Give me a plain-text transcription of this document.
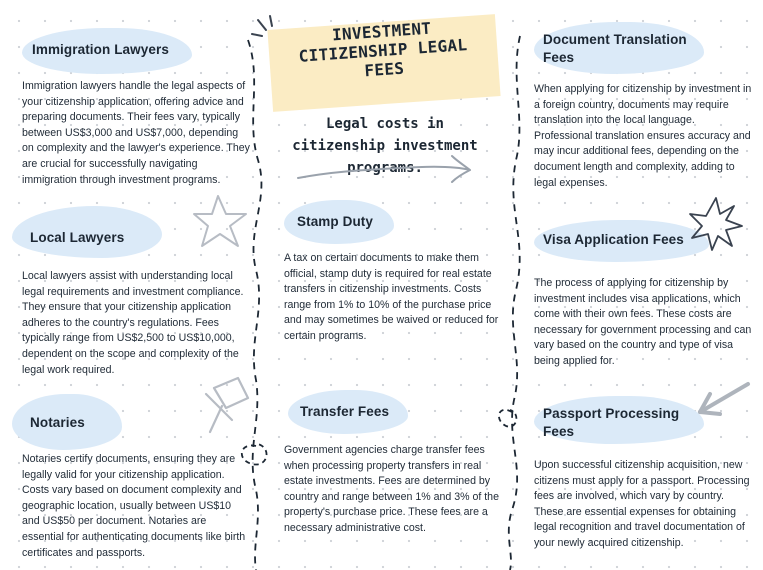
INVESTMENT CITIZENSHIP LEGAL FEES
Legal costs in citizenship investment programs.
Immigration Lawyers

Immigration lawyers handle the legal aspects of your citizenship application, offering advice and preparing documents. Their fees vary, typically between US$3,000 and US$7,000, depending on complexity and the lawyer's experience. They are crucial for successfully navigating immigration through investment programs.

Local Lawyers

Local lawyers assist with understanding local legal requirements and investment compliance. They ensure that your citizenship application adheres to the country's regulations. Fees typically range from US$2,500 to US$10,000, dependent on the scope and complexity of the legal work required.

Notaries

Notaries certify documents, ensuring they are legally valid for your citizenship application. Costs vary based on document complexity and geographic location, usually between US$10 and US$50 per document. Notaries are essential for authenticating documents like birth certificates and passports.

Stamp Duty

A tax on certain documents to make them official, stamp duty is required for real estate transfers in citizenship investments. Costs range from 1% to 10% of the purchase price and may sometimes be waived or reduced for certain programs.

Transfer Fees

Government agencies charge transfer fees when processing property transfers in real estate investments. Fees are determined by country and range between 1% and 3% of the property's purchase price. These fees are a necessary administrative cost.

Document Translation Fees

When applying for citizenship by investment in a foreign country, documents may require translation into the local language. Professional translation ensures accuracy and may incur additional fees, depending on the document length and complexity, adding to legal expenses.

Visa Application Fees

The process of applying for citizenship by investment includes visa applications, which come with their own fees. These costs are necessary for government processing and can vary based on the country and type of visa being applied for.

Passport Processing Fees

Upon successful citizenship acquisition, new citizens must apply for a passport. Processing fees are involved, which vary by country. These are essential expenses for obtaining legal recognition and travel documentation of your newly acquired citizenship.
